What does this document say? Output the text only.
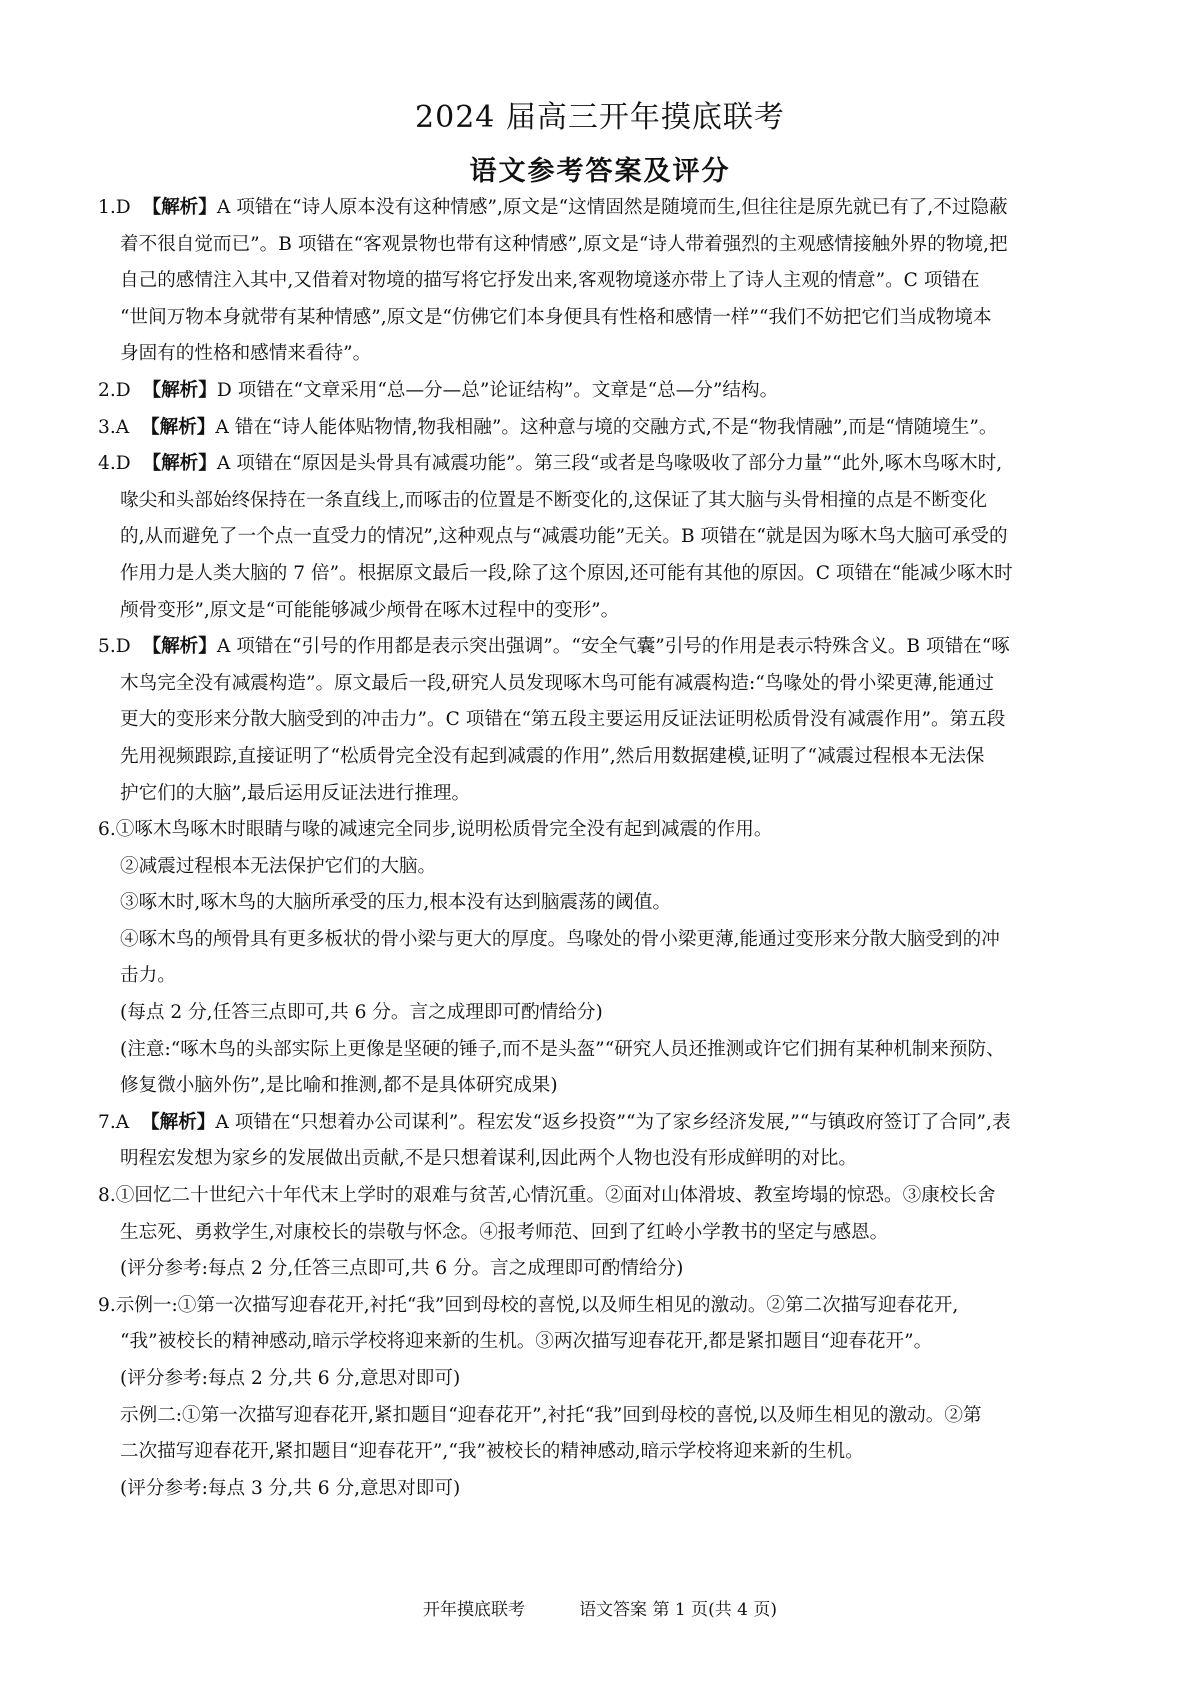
2024 届高三开年摸底联考
语文参考答案及评分
1.D 【解析】A 项错在“诗人原本没有这种情感”,原文是“这情固然是随境而生,但往往是原先就已有了,不过隐蔽
着不很自觉而已”。B 项错在“客观景物也带有这种情感”,原文是“诗人带着强烈的主观感情接触外界的物境,把
自己的感情注入其中,又借着对物境的描写将它抒发出来,客观物境遂亦带上了诗人主观的情意”。C 项错在
“世间万物本身就带有某种情感”,原文是“仿佛它们本身便具有性格和感情一样”“我们不妨把它们当成物境本
身固有的性格和感情来看待”。
2.D 【解析】D 项错在“文章采用“总—分—总”论证结构”。文章是“总—分”结构。
3.A 【解析】A 错在“诗人能体贴物情,物我相融”。这种意与境的交融方式,不是“物我情融”,而是“情随境生”。
4.D 【解析】A 项错在“原因是头骨具有减震功能”。第三段“或者是鸟喙吸收了部分力量”“此外,啄木鸟啄木时,
喙尖和头部始终保持在一条直线上,而啄击的位置是不断变化的,这保证了其大脑与头骨相撞的点是不断变化
的,从而避免了一个点一直受力的情况”,这种观点与“减震功能”无关。B 项错在“就是因为啄木鸟大脑可承受的
作用力是人类大脑的 7 倍”。根据原文最后一段,除了这个原因,还可能有其他的原因。C 项错在“能减少啄木时
颅骨变形”,原文是“可能能够减少颅骨在啄木过程中的变形”。
5.D 【解析】A 项错在“引号的作用都是表示突出强调”。“安全气囊”引号的作用是表示特殊含义。B 项错在“啄
木鸟完全没有减震构造”。原文最后一段,研究人员发现啄木鸟可能有减震构造:“鸟喙处的骨小梁更薄,能通过
更大的变形来分散大脑受到的冲击力”。C 项错在“第五段主要运用反证法证明松质骨没有减震作用”。第五段
先用视频跟踪,直接证明了“松质骨完全没有起到减震的作用”,然后用数据建模,证明了“减震过程根本无法保
护它们的大脑”,最后运用反证法进行推理。
6.①啄木鸟啄木时眼睛与喙的减速完全同步,说明松质骨完全没有起到减震的作用。
②减震过程根本无法保护它们的大脑。
③啄木时,啄木鸟的大脑所承受的压力,根本没有达到脑震荡的阈值。
④啄木鸟的颅骨具有更多板状的骨小梁与更大的厚度。鸟喙处的骨小梁更薄,能通过变形来分散大脑受到的冲
击力。
(每点 2 分,任答三点即可,共 6 分。言之成理即可酌情给分)
(注意:“啄木鸟的头部实际上更像是坚硬的锤子,而不是头盔”“研究人员还推测或许它们拥有某种机制来预防、
修复微小脑外伤”,是比喻和推测,都不是具体研究成果)
7.A 【解析】A 项错在“只想着办公司谋利”。程宏发“返乡投资”“为了家乡经济发展,”“与镇政府签订了合同”,表
明程宏发想为家乡的发展做出贡献,不是只想着谋利,因此两个人物也没有形成鲜明的对比。
8.①回忆二十世纪六十年代末上学时的艰难与贫苦,心情沉重。②面对山体滑坡、教室垮塌的惊恐。③康校长舍
生忘死、勇救学生,对康校长的崇敬与怀念。④报考师范、回到了红岭小学教书的坚定与感恩。
(评分参考:每点 2 分,任答三点即可,共 6 分。言之成理即可酌情给分)
9.示例一:①第一次描写迎春花开,衬托“我”回到母校的喜悦,以及师生相见的激动。②第二次描写迎春花开,
“我”被校长的精神感动,暗示学校将迎来新的生机。③两次描写迎春花开,都是紧扣题目“迎春花开”。
(评分参考:每点 2 分,共 6 分,意思对即可)
示例二:①第一次描写迎春花开,紧扣题目“迎春花开”,衬托“我”回到母校的喜悦,以及师生相见的激动。②第
二次描写迎春花开,紧扣题目“迎春花开”,“我”被校长的精神感动,暗示学校将迎来新的生机。
(评分参考:每点 3 分,共 6 分,意思对即可)
开年摸底联考	语文答案 第 1 页(共 4 页)
